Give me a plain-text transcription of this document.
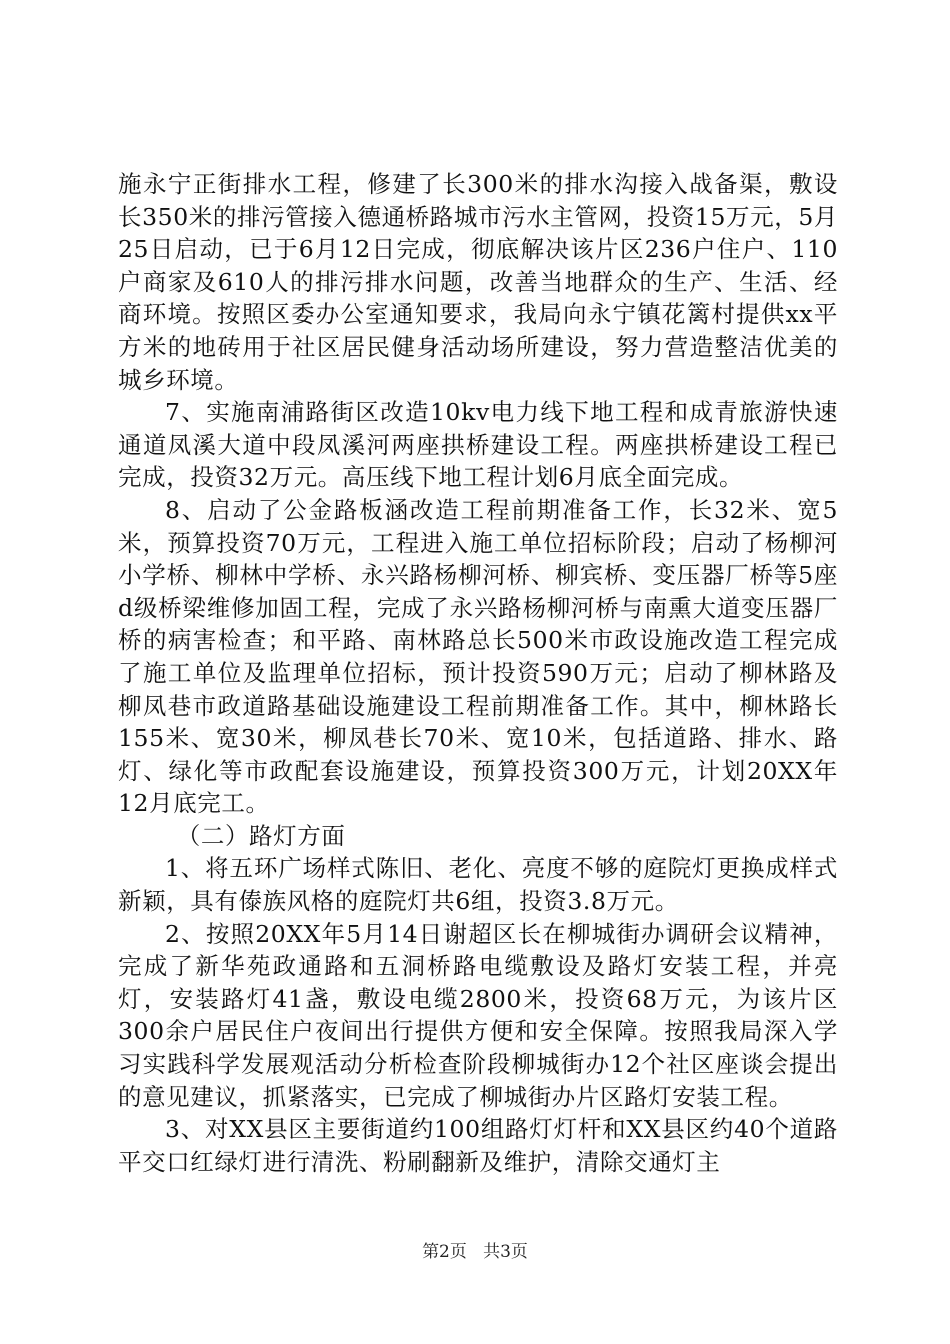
施永宁正街排水工程，修建了长300米的排水沟接入战备渠，敷设长350米的排污管接入德通桥路城市污水主管网，投资15万元，5月25日启动，已于6月12日完成，彻底解决该片区236户住户、110户商家及610人的排污排水问题，改善当地群众的生产、生活、经商环境。按照区委办公室通知要求，我局向永宁镇花篱村提供xx平方米的地砖用于社区居民健身活动场所建设，努力营造整洁优美的城乡环境。

7、实施南浦路街区改造10kv电力线下地工程和成青旅游快速通道凤溪大道中段凤溪河两座拱桥建设工程。两座拱桥建设工程已完成，投资32万元。高压线下地工程计划6月底全面完成。

8、启动了公金路板涵改造工程前期准备工作，长32米、宽5米，预算投资70万元，工程进入施工单位招标阶段；启动了杨柳河小学桥、柳林中学桥、永兴路杨柳河桥、柳宾桥、变压器厂桥等5座d级桥梁维修加固工程，完成了永兴路杨柳河桥与南熏大道变压器厂桥的病害检查；和平路、南林路总长500米市政设施改造工程完成了施工单位及监理单位招标，预计投资590万元；启动了柳林路及柳凤巷市政道路基础设施建设工程前期准备工作。其中，柳林路长155米、宽30米，柳凤巷长70米、宽10米，包括道路、排水、路灯、绿化等市政配套设施建设，预算投资300万元，计划20XX年12月底完工。

（二）路灯方面

1、将五环广场样式陈旧、老化、亮度不够的庭院灯更换成样式新颖，具有傣族风格的庭院灯共6组，投资3.8万元。

2、按照20XX年5月14日谢超区长在柳城街办调研会议精神，完成了新华苑政通路和五洞桥路电缆敷设及路灯安装工程，并亮灯，安装路灯41盏，敷设电缆2800米，投资68万元，为该片区300余户居民住户夜间出行提供方便和安全保障。按照我局深入学习实践科学发展观活动分析检查阶段柳城街办12个社区座谈会提出的意见建议，抓紧落实，已完成了柳城街办片区路灯安装工程。

3、对XX县区主要街道约100组路灯灯杆和XX县区约40个道路平交口红绿灯进行清洗、粉刷翻新及维护，清除交通灯主

第2页 共3页
